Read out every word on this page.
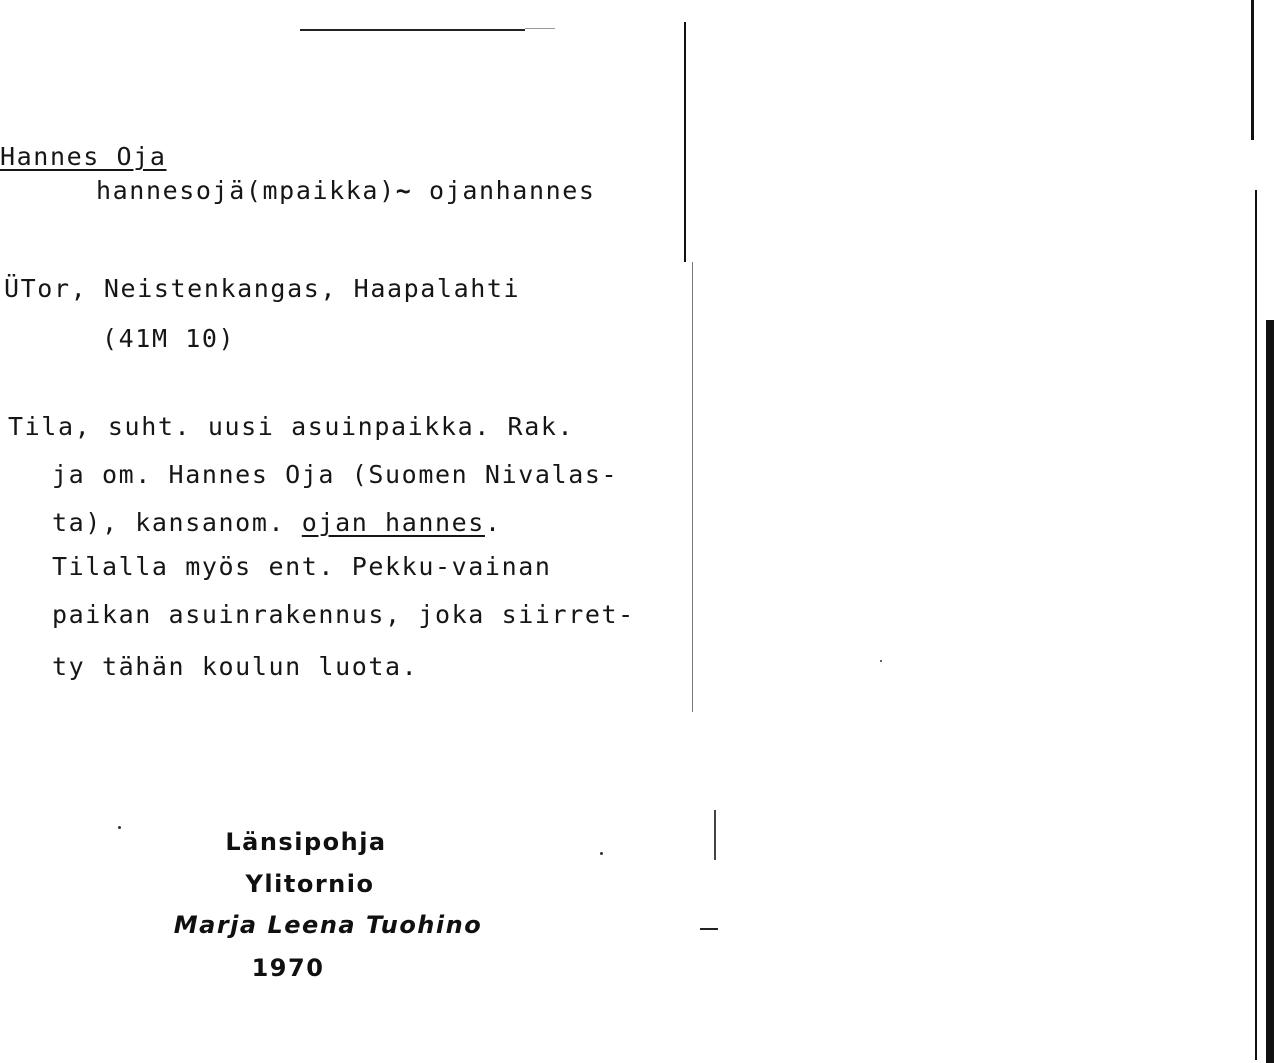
Hannes Oja
hannesojä(mpaikka)~ ojanhannes
ÜTor, Neistenkangas, Haapalahti
(41M 10)
Tila, suht. uusi asuinpaikka. Rak.
ja om. Hannes Oja (Suomen Nivalas-
ta), kansanom. ojan hannes.
Tilalla myös ent. Pekku-vainan
paikan asuinrakennus, joka siirret-
ty tähän koulun luota.
Länsipohja
Ylitornio
Marja Leena Tuohino
1970
